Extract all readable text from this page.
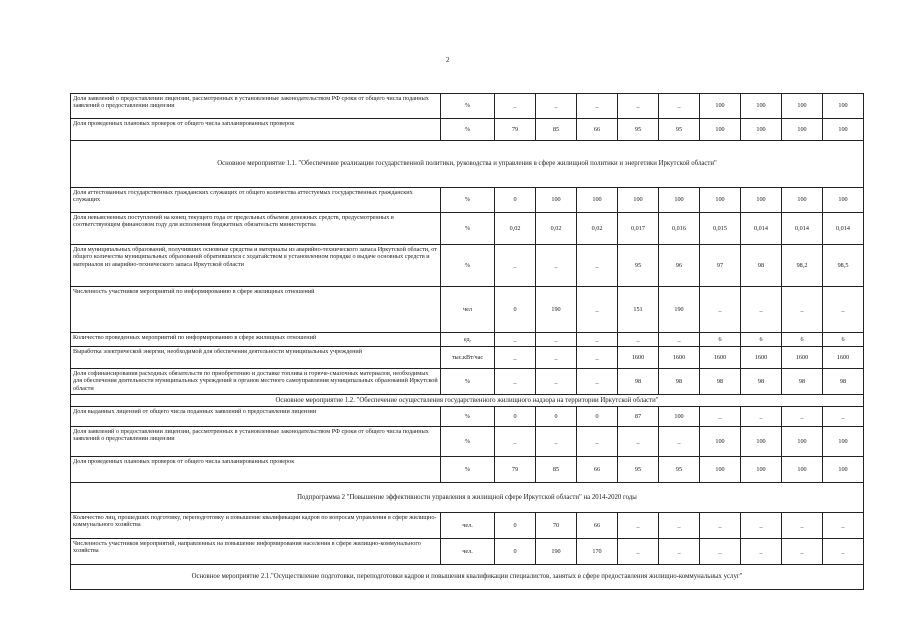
2
Доля заявлений о предоставлении лицензии, рассмотренных в установленные законодательством РФ сроки от общего числа поданных заявлений о предоставлении лицензии	%	_	_	_	_	_	100	100	100	100
Доля проведенных плановых проверок от общего числа запланированных проверок	%	79	85	66	95	95	100	100	100	100
Основное мероприятие 1.1. "Обеспечение реализации государственной политики, руководства и управления в сфере жилищной политики и энергетики Иркутской области"										
Доля аттестованных государственных гражданских служащих от общего количества аттестуемых государственных гражданских служащих	%	0	100	100	100	100	100	100	100	100
Доля невыясненных поступлений на конец текущего года от предельных объемов денежных средств, предусмотренных в соответствующем финансовом году для исполнения бюджетных обязательств министерства	%	0,02	0,02	0,02	0,017	0,016	0,015	0,014	0,014	0,014
Доля муниципальных образований, получивших основные средства и материалы из аварийно-технического запаса Иркутской области, от общего количества муниципальных образований обратившихся с ходатайством в установленном порядке о выдаче основных средств и материалов из аварийно-технического запаса Иркутской области	%	_	_	_	95	96	97	98	98,2	98,5
Численность участников мероприятий по информированию в сфере жилищных отношений	чел	0	190	_	151	190	_	_	_	_
Количество проведенных мероприятий по информированию в сфере жилищных отношений	ед.	_	_	_	_	_	6	6	6	6
Выработка электрической энергии, необходимой для обеспечения деятельности муниципальных учреждений	тыс.кВт/час	_	_	_	1600	1600	1600	1600	1600	1600
Доля софинансирования расходных обязательств по приобретению и доставке топлива и горюче-смазочных материалов, необходимых для обеспечения деятельности муниципальных учреждений и органов местного самоуправления муниципальных образований Иркутской области	%	_	_	_	98	98	98	98	98	98
Основное мероприятие 1.2. "Обеспечение осуществления государственного жилищного надзора на территории Иркутской области"										
Доля выданных лицензий от общего числа поданных заявлений о предоставлении лицензии	%	0	0	0	87	100	_	_	_	_
Доля заявлений о предоставлении лицензии, рассмотренных в установленные законодательством РФ сроки от общего числа поданных заявлений о предоставлении лицензии	%	_	_	_	_	_	100	100	100	100
Доля проведенных плановых проверок от общего числа запланированных проверок	%	79	85	66	95	95	100	100	100	100
Подпрограмма 2 "Повышение эффективности управления в жилищной сфере Иркутской области" на 2014-2020 годы										
Количество лиц, прошедших подготовку, переподготовку и повышение квалификации кадров по вопросам управления в сфере жилищно-коммунального хозяйства	чел.	0	70	66	_	_	_	_	_	_
Численность участников мероприятий, направленных на повышение информирования населения в сфере жилищно-коммунального хозяйства	чел.	0	190	170	_	_	_	_	_	_
Основное мероприятие 2.1."Осуществление подготовки, переподготовки кадров и повышения квалификации специалистов, занятых в сфере предоставления жилищно-коммунальных услуг"										
